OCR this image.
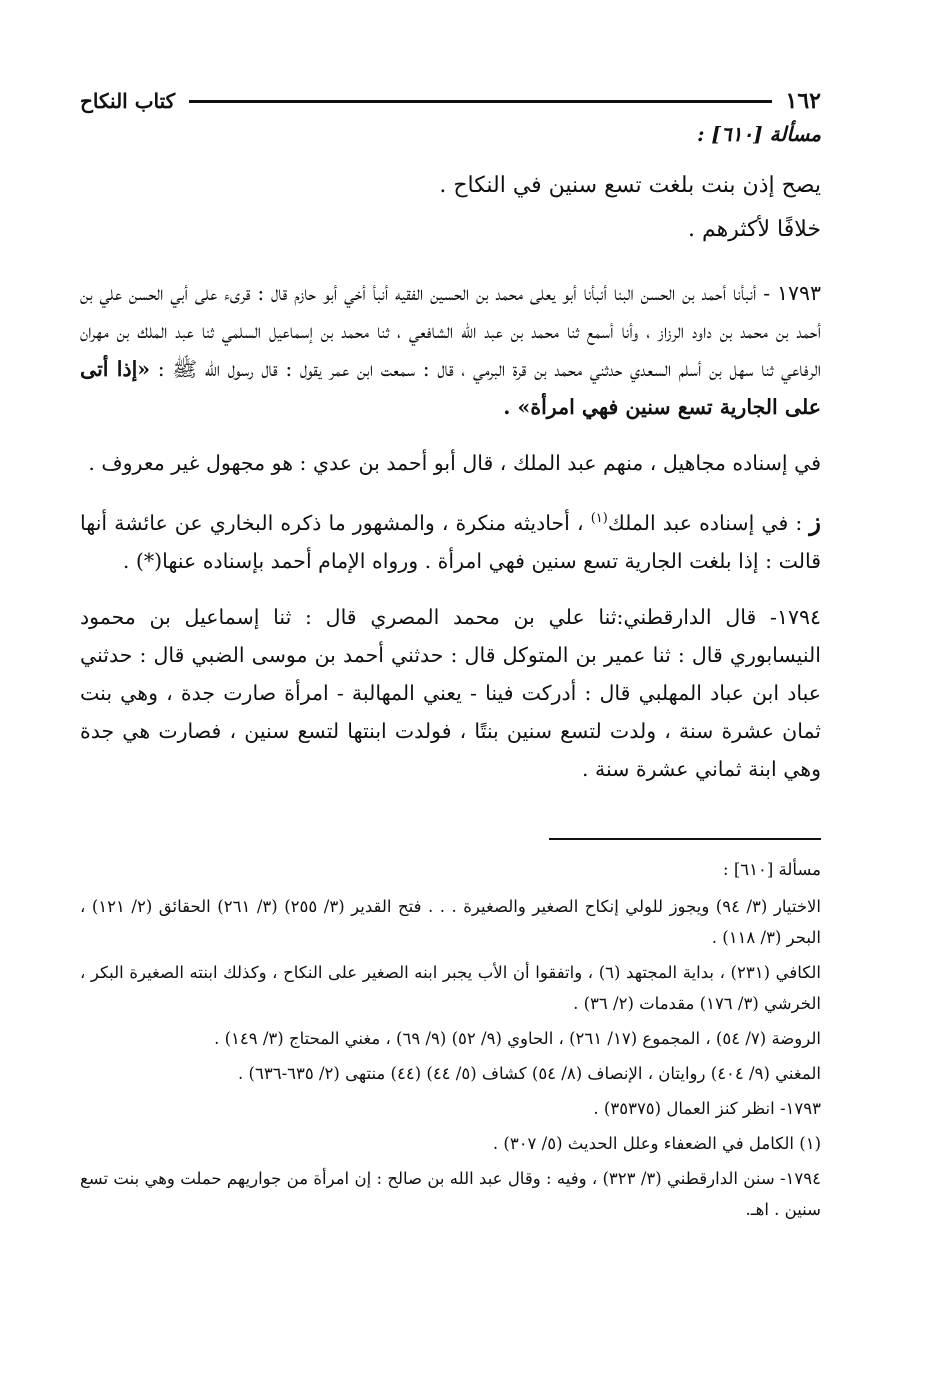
١٦٢
كتاب النكاح
مسألة [٦١٠] :

يصح إذن بنت بلغت تسع سنين في النكاح .

خلافًا لأكثرهم .

١٧٩٣ - أنبأنا أحمد بن الحسن البنا أنبأنا أبو يعلى محمد بن الحسين الفقيه أنبأ أخي أبو حازم قال : قرىء على أبي الحسن علي بن أحمد بن محمد بن داود الرزاز ، وأنا أسمع ثنا محمد بن عبد الله الشافعي ، ثنا محمد بن إسماعيل السلمي ثنا عبد الملك بن مهران الرفاعي ثنا سهل بن أسلم السعدي حدثني محمد بن قرة البرمي ، قال : سمعت ابن عمر يقول : قال رسول الله ﷺ : «إذا أتى على الجارية تسع سنين فهي امرأة» .

في إسناده مجاهيل ، منهم عبد الملك ، قال أبو أحمد بن عدي : هو مجهول غير معروف .

ز : في إسناده عبد الملك$^{(١)}$ ، أحاديثه منكرة ، والمشهور ما ذكره البخاري عن عائشة أنها قالت : إذا بلغت الجارية تسع سنين فهي امرأة . ورواه الإمام أحمد بإسناده عنها(*) .

١٧٩٤- قال الدارقطني:ثنا علي بن محمد المصري قال : ثنا إسماعيل بن محمود النيسابوري قال : ثنا عمير بن المتوكل قال : حدثني أحمد بن موسى الضبي قال : حدثني عباد ابن عباد المهلبي قال : أدركت فينا - يعني المهالبة - امرأة صارت جدة ، وهي بنت ثمان عشرة سنة ، ولدت لتسع سنين بنتًا ، فولدت ابنتها لتسع سنين ، فصارت هي جدة وهي ابنة ثماني عشرة سنة .

مسألة [٦١٠] :

الاختيار (٣/ ٩٤) ويجوز للولي إنكاح الصغير والصغيرة . . . فتح القدير (٣/ ٢٥٥) (٣/ ٢٦١) الحقائق (٢/ ١٢١) ، البحر (٣/ ١١٨) .

الكافي (٢٣١) ، بداية المجتهد (٦) ، واتفقوا أن الأب يجبر ابنه الصغير على النكاح ، وكذلك ابنته الصغيرة البكر ، الخرشي (٣/ ١٧٦) مقدمات (٢/ ٣٦) .

الروضة (٧/ ٥٤) ، المجموع (١٧/ ٢٦١) ، الحاوي (٩/ ٥٢) (٩/ ٦٩) ، مغني المحتاج (٣/ ١٤٩) .

المغني (٩/ ٤٠٤) روايتان ، الإنصاف (٨/ ٥٤) كشاف (٥/ ٤٤) (٤٤) منتهى (٢/ ٦٣٥-٦٣٦) .

١٧٩٣- انظر كنز العمال (٣٥٣٧٥) .

(١) الكامل في الضعفاء وعلل الحديث (٥/ ٣٠٧) .

١٧٩٤- سنن الدارقطني (٣/ ٣٢٣) ، وفيه : وقال عبد الله بن صالح : إن امرأة من جواريهم حملت وهي بنت تسع سنين . اهـ.
